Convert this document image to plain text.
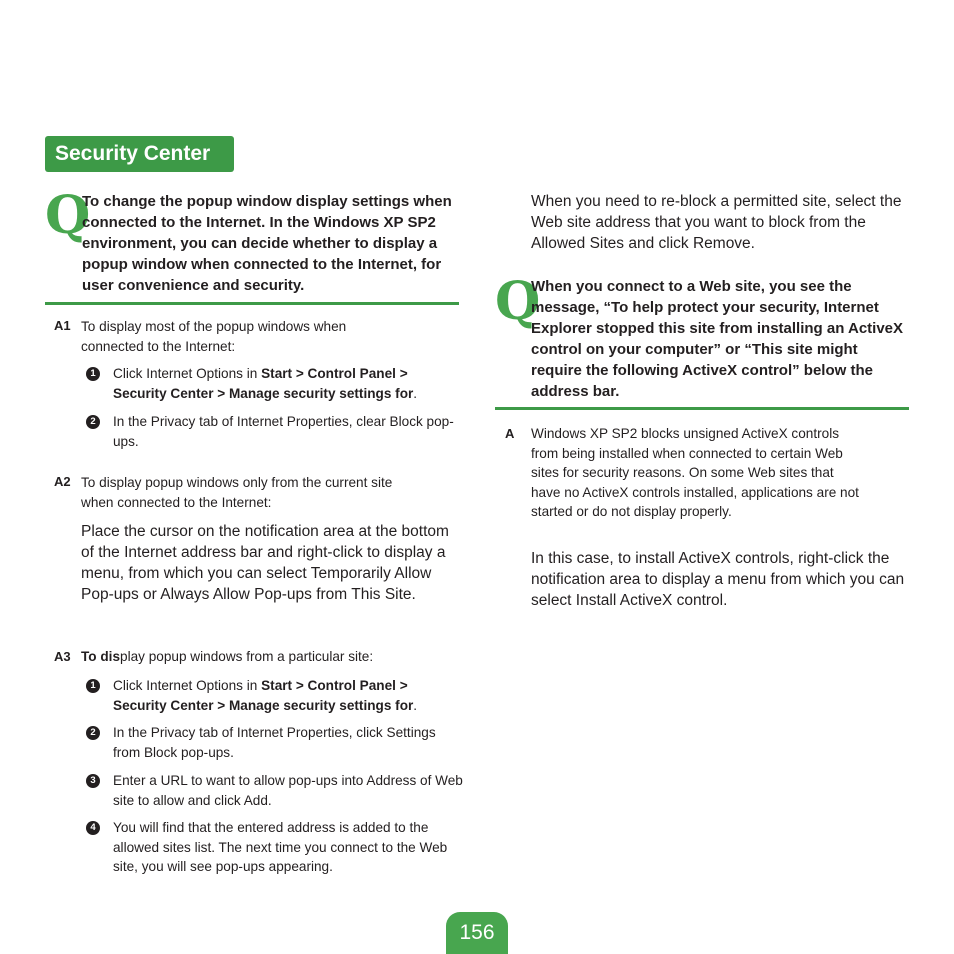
Security Center
Q
To change the popup window display settings when connected to the Internet. In the Windows XP SP2 environment, you can decide whether to display a popup window when connected to the Internet, for user convenience and security.
A1 To display most of the popup windows when connected to the Internet:
1	Click Internet Options in Start > Control Panel > Security Center > Manage security settings for.
2	In the Privacy tab of Internet Properties, clear Block pop-ups.
A2 To display popup windows only from the current site when connected to the Internet:
Place the cursor on the notification area at the bottom of the Internet address bar and right-click to display a menu, from which you can select Temporarily Allow Pop-ups or Always Allow Pop-ups from This Site.
A3 To display popup windows from a particular site:
1	Click Internet Options in Start > Control Panel > Security Center > Manage security settings for.
2	In the Privacy tab of Internet Properties, click Settings from Block pop-ups.
3	Enter a URL to want to allow pop-ups into Address of Web site to allow and click Add.
4	You will find that the entered address is added to the allowed sites list. The next time you connect to the Web site, you will see pop-ups appearing.
When you need to re-block a permitted site, select the Web site address that you want to block from the Allowed Sites and click Remove.
Q
When you connect to a Web site, you see the message, “To help protect your security, Internet Explorer stopped this site from installing an ActiveX control on your computer” or “This site might require the following ActiveX control” below the address bar.
A Windows XP SP2 blocks unsigned ActiveX controls from being installed when connected to certain Web sites for security reasons. On some Web sites that have no ActiveX controls installed, applications are not started or do not display properly.
In this case, to install ActiveX controls, right-click the notification area to display a menu from which you can select Install ActiveX control.
156
